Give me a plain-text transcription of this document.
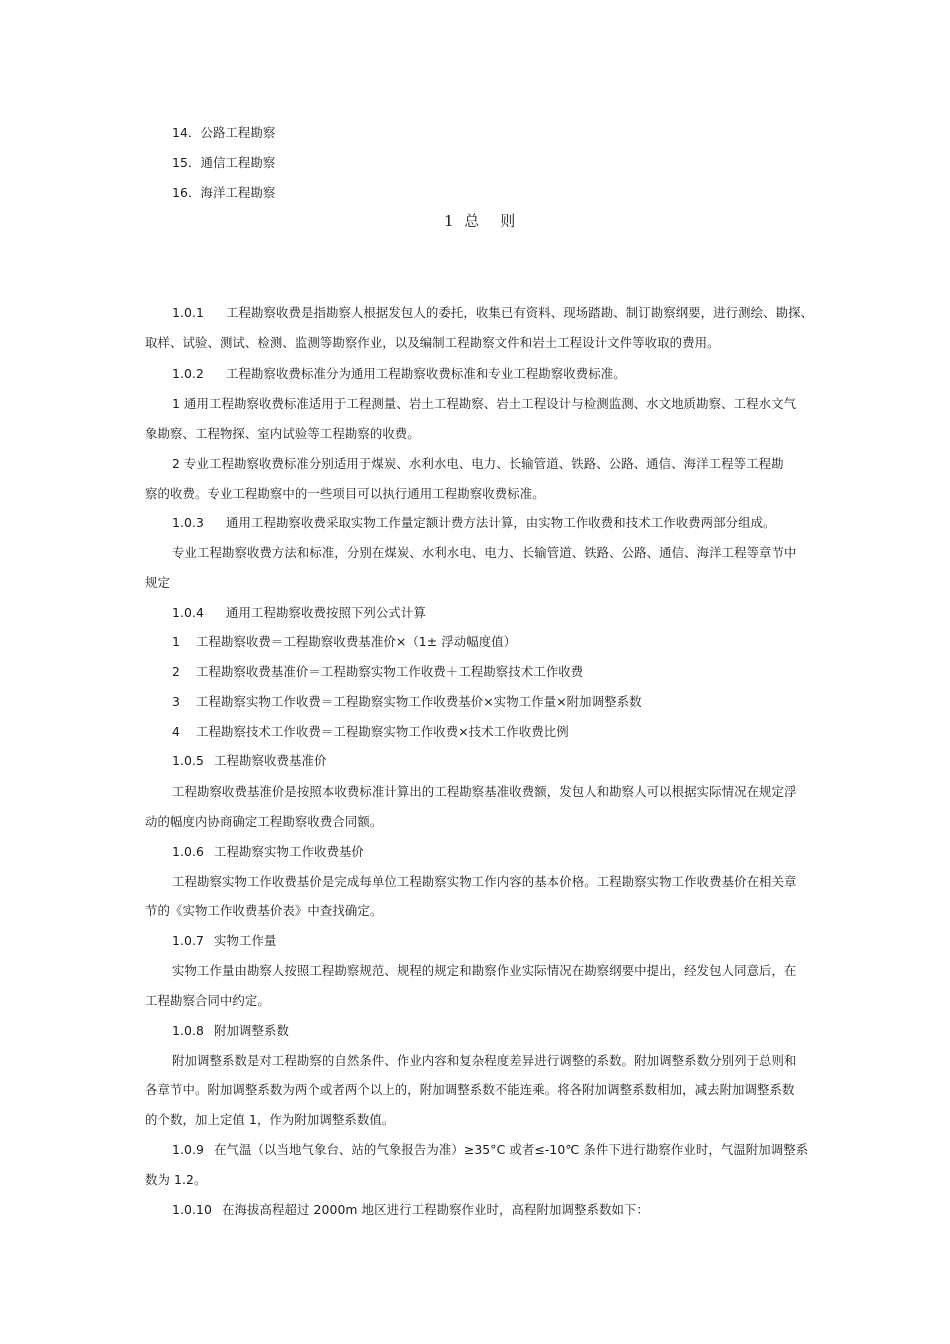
14．公路工程勘察
15．通信工程勘察
16．海洋工程勘察
1 总　则
1.0.1 工程勘察收费是指勘察人根据发包人的委托，收集已有资料、现场踏勘、制订勘察纲要，进行测绘、勘探、
取样、试验、测试、检测、监测等勘察作业，以及编制工程勘察文件和岩土工程设计文件等收取的费用。
1.0.2 工程勘察收费标准分为通用工程勘察收费标准和专业工程勘察收费标准。
1 通用工程勘察收费标准适用于工程测量、岩土工程勘察、岩土工程设计与检测监测、水文地质勘察、工程水文气
象勘察、工程物探、室内试验等工程勘察的收费。
2 专业工程勘察收费标准分别适用于煤炭、水利水电、电力、长输管道、铁路、公路、通信、海洋工程等工程勘
察的收费。专业工程勘察中的一些项目可以执行通用工程勘察收费标准。
1.0.3 通用工程勘察收费采取实物工作量定额计费方法计算，由实物工作收费和技术工作收费两部分组成。
专业工程勘察收费方法和标准，分别在煤炭、水利水电、电力、长输管道、铁路、公路、通信、海洋工程等章节中
规定
1.0.4 通用工程勘察收费按照下列公式计算
1 工程勘察收费＝工程勘察收费基准价×（1± 浮动幅度值）
2 工程勘察收费基准价＝工程勘察实物工作收费＋工程勘察技术工作收费
3 工程勘察实物工作收费＝工程勘察实物工作收费基价×实物工作量×附加调整系数
4 工程勘察技术工作收费＝工程勘察实物工作收费×技术工作收费比例
1.0.5 工程勘察收费基准价
工程勘察收费基准价是按照本收费标准计算出的工程勘察基准收费额，发包人和勘察人可以根据实际情况在规定浮
动的幅度内协商确定工程勘察收费合同额。
1.0.6 工程勘察实物工作收费基价
工程勘察实物工作收费基价是完成每单位工程勘察实物工作内容的基本价格。工程勘察实物工作收费基价在相关章
节的《实物工作收费基价表》中查找确定。
1.0.7 实物工作量
实物工作量由勘察人按照工程勘察规范、规程的规定和勘察作业实际情况在勘察纲要中提出，经发包人同意后，在
工程勘察合同中约定。
1.0.8 附加调整系数
附加调整系数是对工程勘察的自然条件、作业内容和复杂程度差异进行调整的系数。附加调整系数分别列于总则和
各章节中。附加调整系数为两个或者两个以上的，附加调整系数不能连乘。将各附加调整系数相加，减去附加调整系数
的个数，加上定值 1，作为附加调整系数值。
1.0.9 在气温（以当地气象台、站的气象报告为准）≥35°C 或者≤-10℃ 条件下进行勘察作业时，气温附加调整系
数为 1.2。
1.0.10 在海拔高程超过 2000m 地区进行工程勘察作业时，高程附加调整系数如下：
